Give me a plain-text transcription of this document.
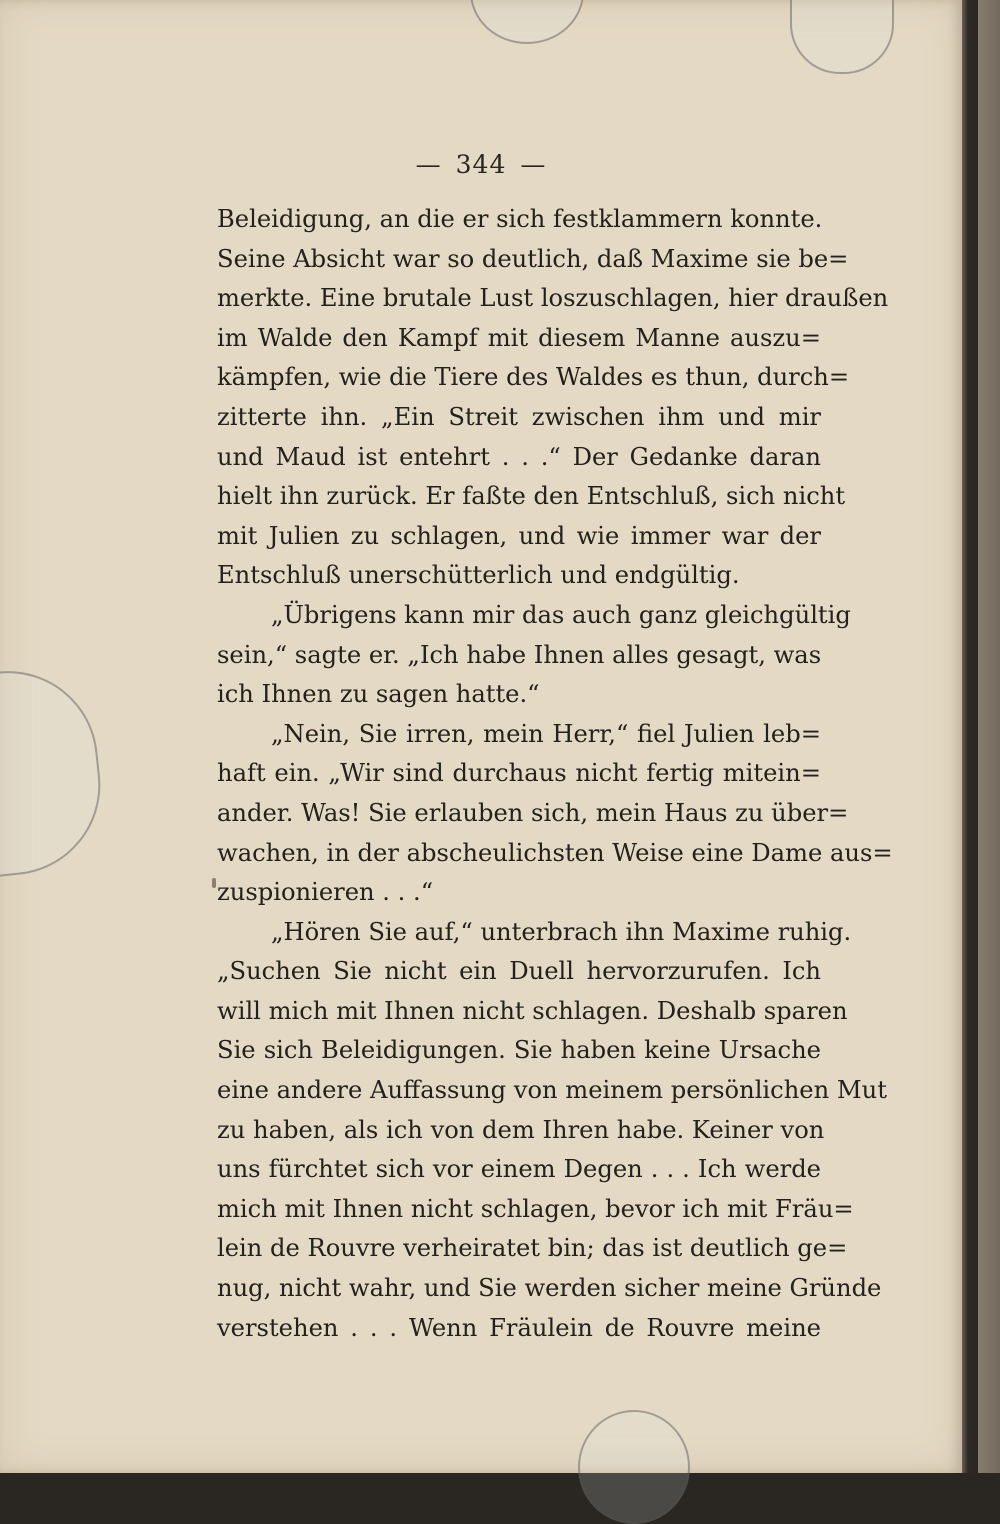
— 344 —
Beleidigung, an die er sich festklammern konnte.
Seine Absicht war so deutlich, daß Maxime sie be=
merkte. Eine brutale Lust loszuschlagen, hier draußen
im Walde den Kampf mit diesem Manne auszu=
kämpfen, wie die Tiere des Waldes es thun, durch=
zitterte ihn. „Ein Streit zwischen ihm und mir
und Maud ist entehrt . . .“ Der Gedanke daran
hielt ihn zurück. Er faßte den Entschluß, sich nicht
mit Julien zu schlagen, und wie immer war der
Entschluß unerschütterlich und endgültig.
„Übrigens kann mir das auch ganz gleichgültig
sein,“ sagte er. „Ich habe Ihnen alles gesagt, was
ich Ihnen zu sagen hatte.“
„Nein, Sie irren, mein Herr,“ fiel Julien leb=
haft ein. „Wir sind durchaus nicht fertig mitein=
ander. Was! Sie erlauben sich, mein Haus zu über=
wachen, in der abscheulichsten Weise eine Dame aus=
zuspionieren . . .“
„Hören Sie auf,“ unterbrach ihn Maxime ruhig.
„Suchen Sie nicht ein Duell hervorzurufen. Ich
will mich mit Ihnen nicht schlagen. Deshalb sparen
Sie sich Beleidigungen. Sie haben keine Ursache
eine andere Auffassung von meinem persönlichen Mut
zu haben, als ich von dem Ihren habe. Keiner von
uns fürchtet sich vor einem Degen . . . Ich werde
mich mit Ihnen nicht schlagen, bevor ich mit Fräu=
lein de Rouvre verheiratet bin; das ist deutlich ge=
nug, nicht wahr, und Sie werden sicher meine Gründe
verstehen . . . Wenn Fräulein de Rouvre meine
